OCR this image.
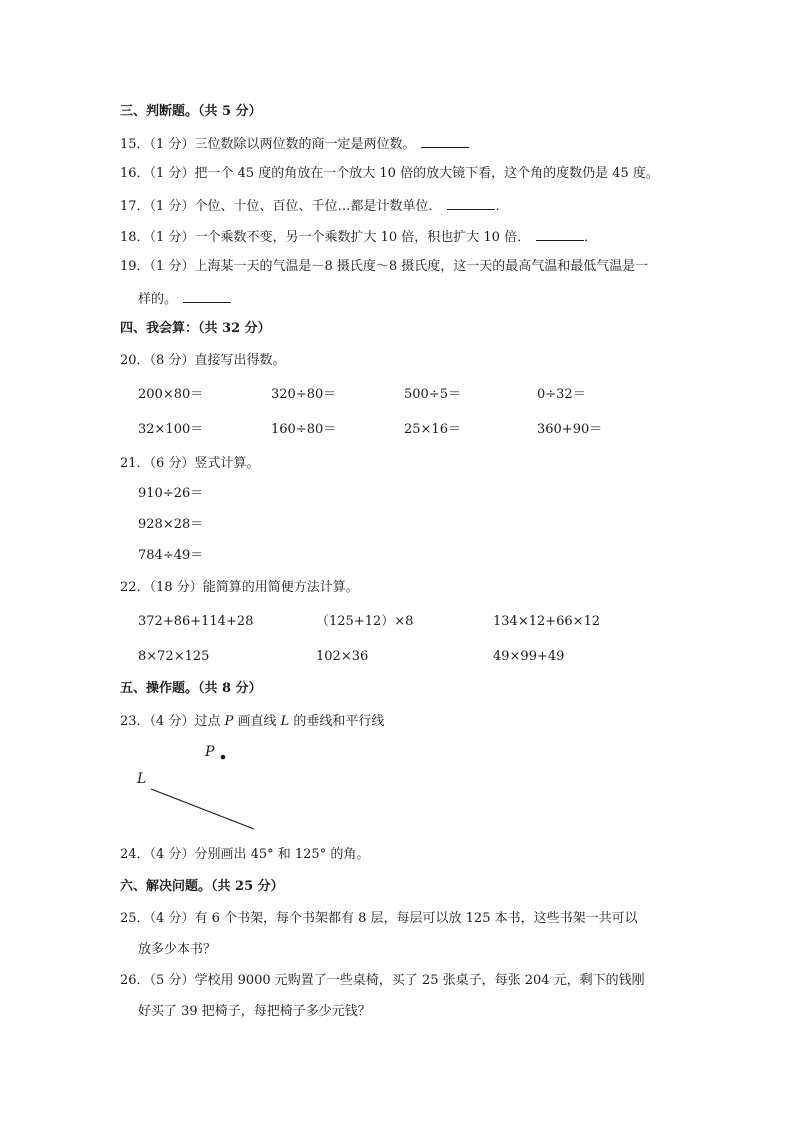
三、判断题。（共 5 分）
15．（1 分）三位数除以两位数的商一定是两位数。
16．（1 分）把一个 45 度的角放在一个放大 10 倍的放大镜下看，这个角的度数仍是 45 度。
17．（1 分）个位、十位、百位、千位…都是计数单位．	．
18．（1 分）一个乘数不变，另一个乘数扩大 10 倍，积也扩大 10 倍．	．
19．（1 分）上海某一天的气温是－8 摄氏度～8 摄氏度，这一天的最高气温和最低气温是一
样的。
四、我会算：（共 32 分）
20．（8 分）直接写出得数。
200×80＝	320÷80＝	500÷5＝	0÷32＝
32×100＝	160÷80＝	25×16＝	360+90＝
21．（6 分）竖式计算。
910÷26＝
928×28＝
784÷49＝
22．（18 分）能简算的用简便方法计算。
372+86+114+28	（125+12）×8	134×12+66×12
8×72×125	102×36	49×99+49
五、操作题。（共 8 分）
23．（4 分）过点 P 画直线 L 的垂线和平行线
P
L
24．（4 分）分别画出 45° 和 125° 的角。
六、解决问题。（共 25 分）
25．（4 分）有 6 个书架，每个书架都有 8 层，每层可以放 125 本书，这些书架一共可以
放多少本书？
26．（5 分）学校用 9000 元购置了一些桌椅，买了 25 张桌子，每张 204 元，剩下的钱刚
好买了 39 把椅子，每把椅子多少元钱？
